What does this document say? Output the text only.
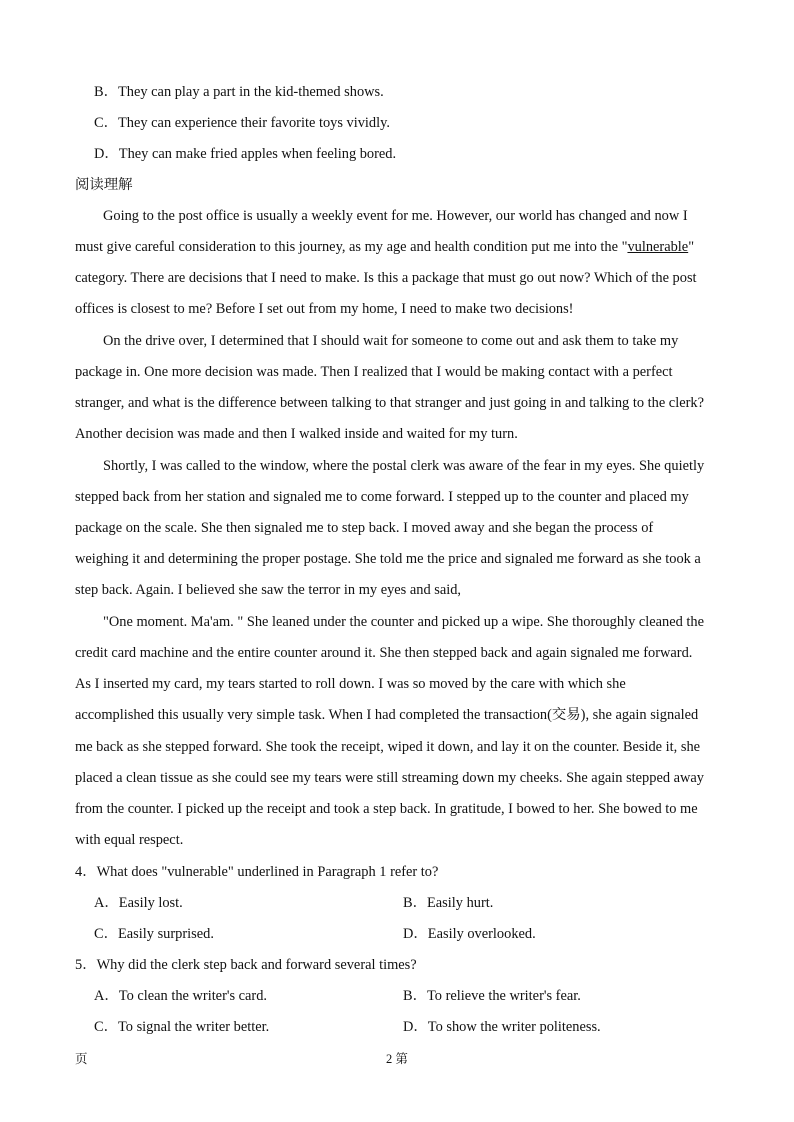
B．They can play a part in the kid-themed shows.
C．They can experience their favorite toys vividly.
D．They can make fried apples when feeling bored.
阅读理解
Going to the post office is usually a weekly event for me. However, our world has changed and now I
must give careful consideration to this journey, as my age and health condition put me into the "vulnerable"
category. There are decisions that I need to make. Is this a package that must go out now? Which of the post
offices is closest to me? Before I set out from my home, I need to make two decisions!
On the drive over, I determined that I should wait for someone to come out and ask them to take my
package in. One more decision was made. Then I realized that I would be making contact with a perfect
stranger, and what is the difference between talking to that stranger and just going in and talking to the clerk?
Another decision was made and then I walked inside and waited for my turn.
Shortly, I was called to the window, where the postal clerk was aware of the fear in my eyes. She quietly
stepped back from her station and signaled me to come forward. I stepped up to the counter and placed my
package on the scale. She then signaled me to step back. I moved away and she began the process of
weighing it and determining the proper postage. She told me the price and signaled me forward as she took a
step back. Again. I believed she saw the terror in my eyes and said,
"One moment. Ma'am. " She leaned under the counter and picked up a wipe. She thoroughly cleaned the
credit card machine and the entire counter around it. She then stepped back and again signaled me forward.
As I inserted my card, my tears started to roll down. I was so moved by the care with which she
accomplished this usually very simple task. When I had completed the transaction(交易), she again signaled
me back as she stepped forward. She took the receipt, wiped it down, and lay it on the counter. Beside it, she
placed a clean tissue as she could see my tears were still streaming down my cheeks. She again stepped away
from the counter. I picked up the receipt and took a step back. In gratitude, I bowed to her. She bowed to me
with equal respect.
4．What does "vulnerable" underlined in Paragraph 1 refer to?
A．Easily lost.	B．Easily hurt.
C．Easily surprised.	D．Easily overlooked.
5．Why did the clerk step back and forward several times?
A．To clean the writer's card.	B．To relieve the writer's fear.
C．To signal the writer better.	D．To show the writer politeness.
页	2 第
